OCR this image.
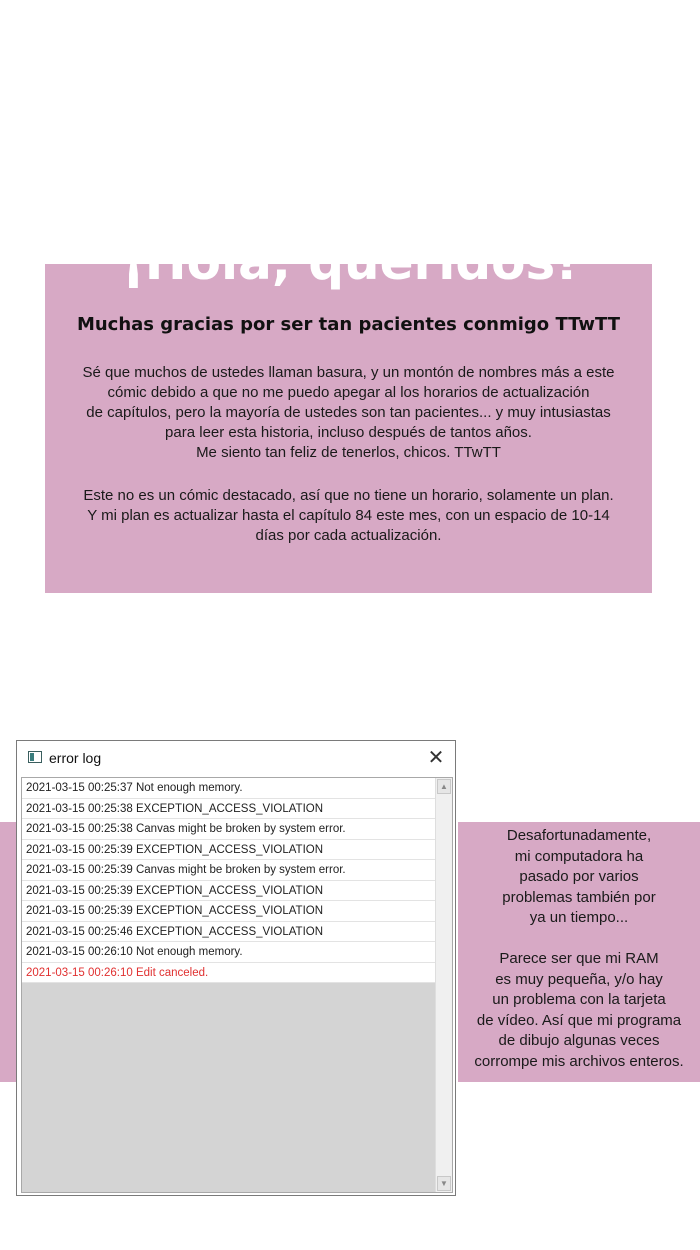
¡Hola, queridos!
Muchas gracias por ser tan pacientes conmigo TTwTT

Sé que muchos de ustedes llaman basura, y un montón de nombres más a este
cómic debido a que no me puedo apegar al los horarios de actualización
de capítulos, pero la mayoría de ustedes son tan pacientes... y muy intusiastas
para leer esta historia, incluso después de tantos años.
Me siento tan feliz de tenerlos, chicos. TTwTT

Este no es un cómic destacado, así que no tiene un horario, solamente un plan.
Y mi plan es actualizar hasta el capítulo 84 este mes, con un espacio de 10-14
días por cada actualización.

Desafortunadamente,
mi computadora ha
pasado por varios
problemas también por
ya un tiempo...
Parece ser que mi RAM
es muy pequeña, y/o hay
un problema con la tarjeta
de vídeo. Así que mi programa
de dibujo algunas veces
corrompe mis archivos enteros.
error log	✕
2021-03-15 00:25:37 Not enough memory.
2021-03-15 00:25:38 EXCEPTION_ACCESS_VIOLATION
2021-03-15 00:25:38 Canvas might be broken by system error.
2021-03-15 00:25:39 EXCEPTION_ACCESS_VIOLATION
2021-03-15 00:25:39 Canvas might be broken by system error.
2021-03-15 00:25:39 EXCEPTION_ACCESS_VIOLATION
2021-03-15 00:25:39 EXCEPTION_ACCESS_VIOLATION
2021-03-15 00:25:46 EXCEPTION_ACCESS_VIOLATION
2021-03-15 00:26:10 Not enough memory.
2021-03-15 00:26:10 Edit canceled.
▲
▼
